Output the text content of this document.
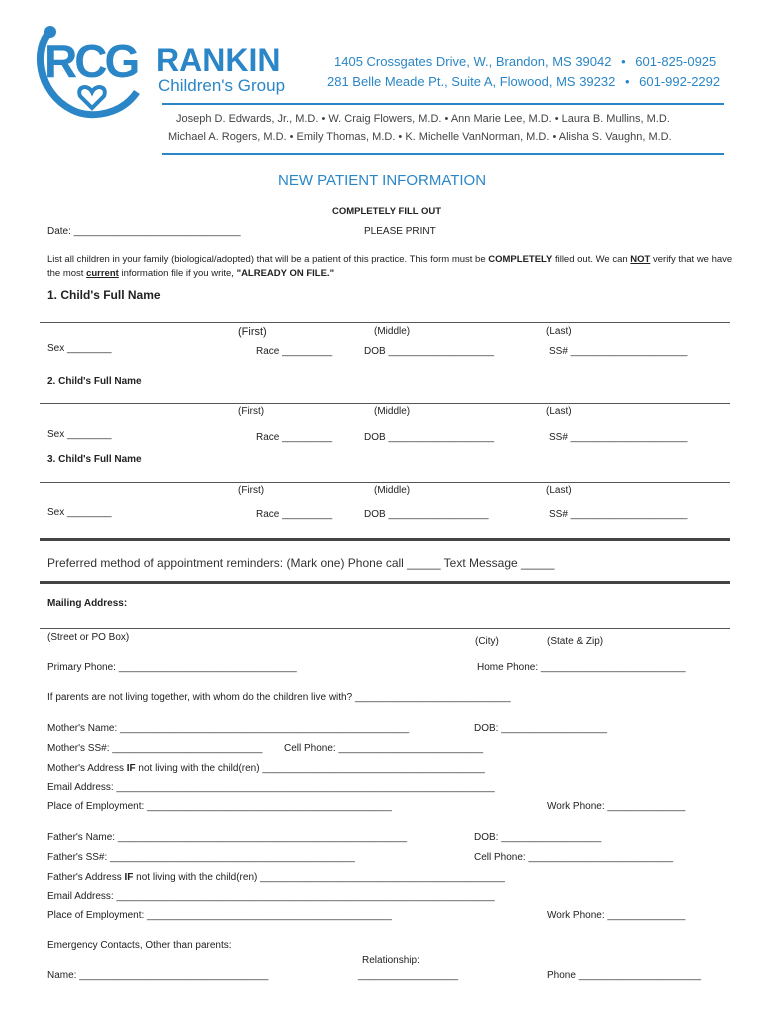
RCG RANKIN
Children's Group
1405 Crossgates Drive, W., Brandon, MS 39042 • 601-825-0925
281 Belle Meade Pt., Suite A, Flowood, MS 39232 • 601-992-2292
Joseph D. Edwards, Jr., M.D. • W. Craig Flowers, M.D. • Ann Marie Lee, M.D. • Laura B. Mullins, M.D.
Michael A. Rogers, M.D. • Emily Thomas, M.D. • K. Michelle VanNorman, M.D. • Alisha S. Vaughn, M.D.
NEW PATIENT INFORMATION
COMPLETELY FILL OUT
Date: ______________________________	PLEASE PRINT
List all children in your family (biological/adopted) that will be a patient of this practice. This form must be COMPLETELY filled out. We can NOT verify that we have
the most current information file if you write, "ALREADY ON FILE."
1. Child's Full Name
(First)	(Middle)	(Last)
Sex ________	Race _________	DOB ___________________	SS# _____________________
2. Child's Full Name
(First)	(Middle)	(Last)
Sex ________	Race _________	DOB ___________________	SS# _____________________
3. Child's Full Name
(First)	(Middle)	(Last)
Sex ________	Race _________	DOB __________________	SS# _____________________
Preferred method of appointment reminders: (Mark one) Phone call _____ Text Message _____
Mailing Address:
(Street or PO Box)	(City)	(State & Zip)
Primary Phone: ________________________________	Home Phone: __________________________
If parents are not living together, with whom do the children live with? ____________________________
Mother's Name: ____________________________________________________	DOB: ___________________
Mother's SS#: ___________________________ Cell Phone: __________________________
Mother's Address IF not living with the child(ren) ________________________________________
Email Address: ____________________________________________________________________
Place of Employment: ____________________________________________	Work Phone: ______________
Father's Name: ____________________________________________________	DOB: __________________
Father's SS#: ____________________________________________	Cell Phone: __________________________
Father's Address IF not living with the child(ren) ____________________________________________
Email Address: ____________________________________________________________________
Place of Employment: ____________________________________________	Work Phone: ______________
Emergency Contacts, Other than parents:
Relationship:
Name: __________________________________	__________________	Phone ______________________
